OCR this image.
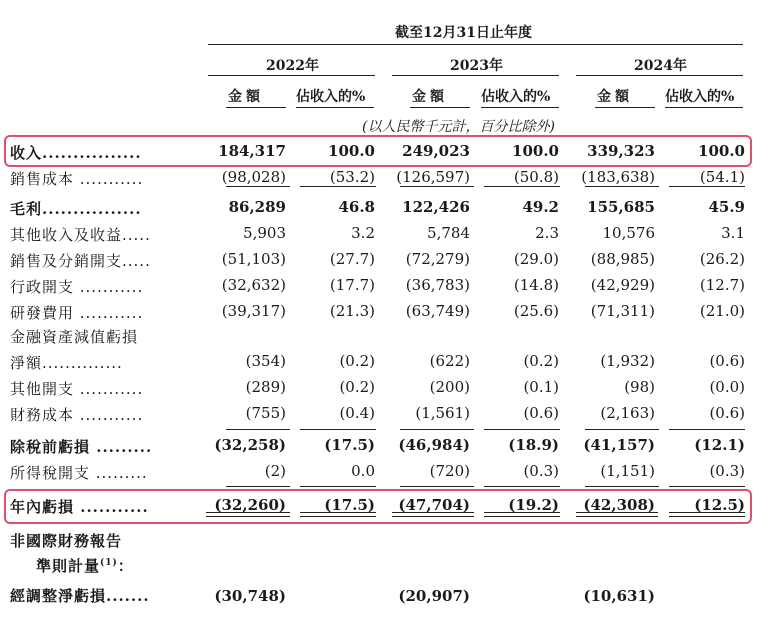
截至12月31日止年度
2022年	2023年	2024年
金額 佔收入的%	金額 佔收入的%	金額 佔收入的%
(以人民幣千元計，百分比除外)
收入................	184,317	100.0 249,023	100.0 339,323	100.0
銷售成本 ...........	(98,028)	(53.2) (126,597)	(50.8) (183,638)	(54.1)
毛利................	86,289	46.8 122,426	49.2 155,685	45.9
其他收入及收益.....	5,903	3.2	5,784	2.3	10,576	3.1
銷售及分銷開支.....	(51,103)	(27.7) (72,279)	(29.0) (88,985)	(26.2)
行政開支 ...........	(32,632)	(17.7) (36,783)	(14.8) (42,929)	(12.7)
研發費用 ...........	(39,317)	(21.3) (63,749)	(25.6) (71,311)	(21.0)
金融資產減值虧損
淨額..............	(354)	(0.2)	(622)	(0.2)	(1,932)	(0.6)
其他開支 ...........	(289)	(0.2)	(200)	(0.1)	(98)	(0.0)
財務成本 ...........	(755)	(0.4)	(1,561)	(0.6)	(2,163)	(0.6)
除稅前虧損 .........	(32,258)	(17.5) (46,984)	(18.9) (41,157)	(12.1)
所得稅開支 .........	(2)	0.0	(720)	(0.3)	(1,151)	(0.3)
年內虧損 ...........	(32,260)	(17.5) (47,704)	(19.2) (42,308)	(12.5)
非國際財務報告
準則計量$^{(1)}$：
經調整淨虧損.......	(30,748)	(20,907)	(10,631)
